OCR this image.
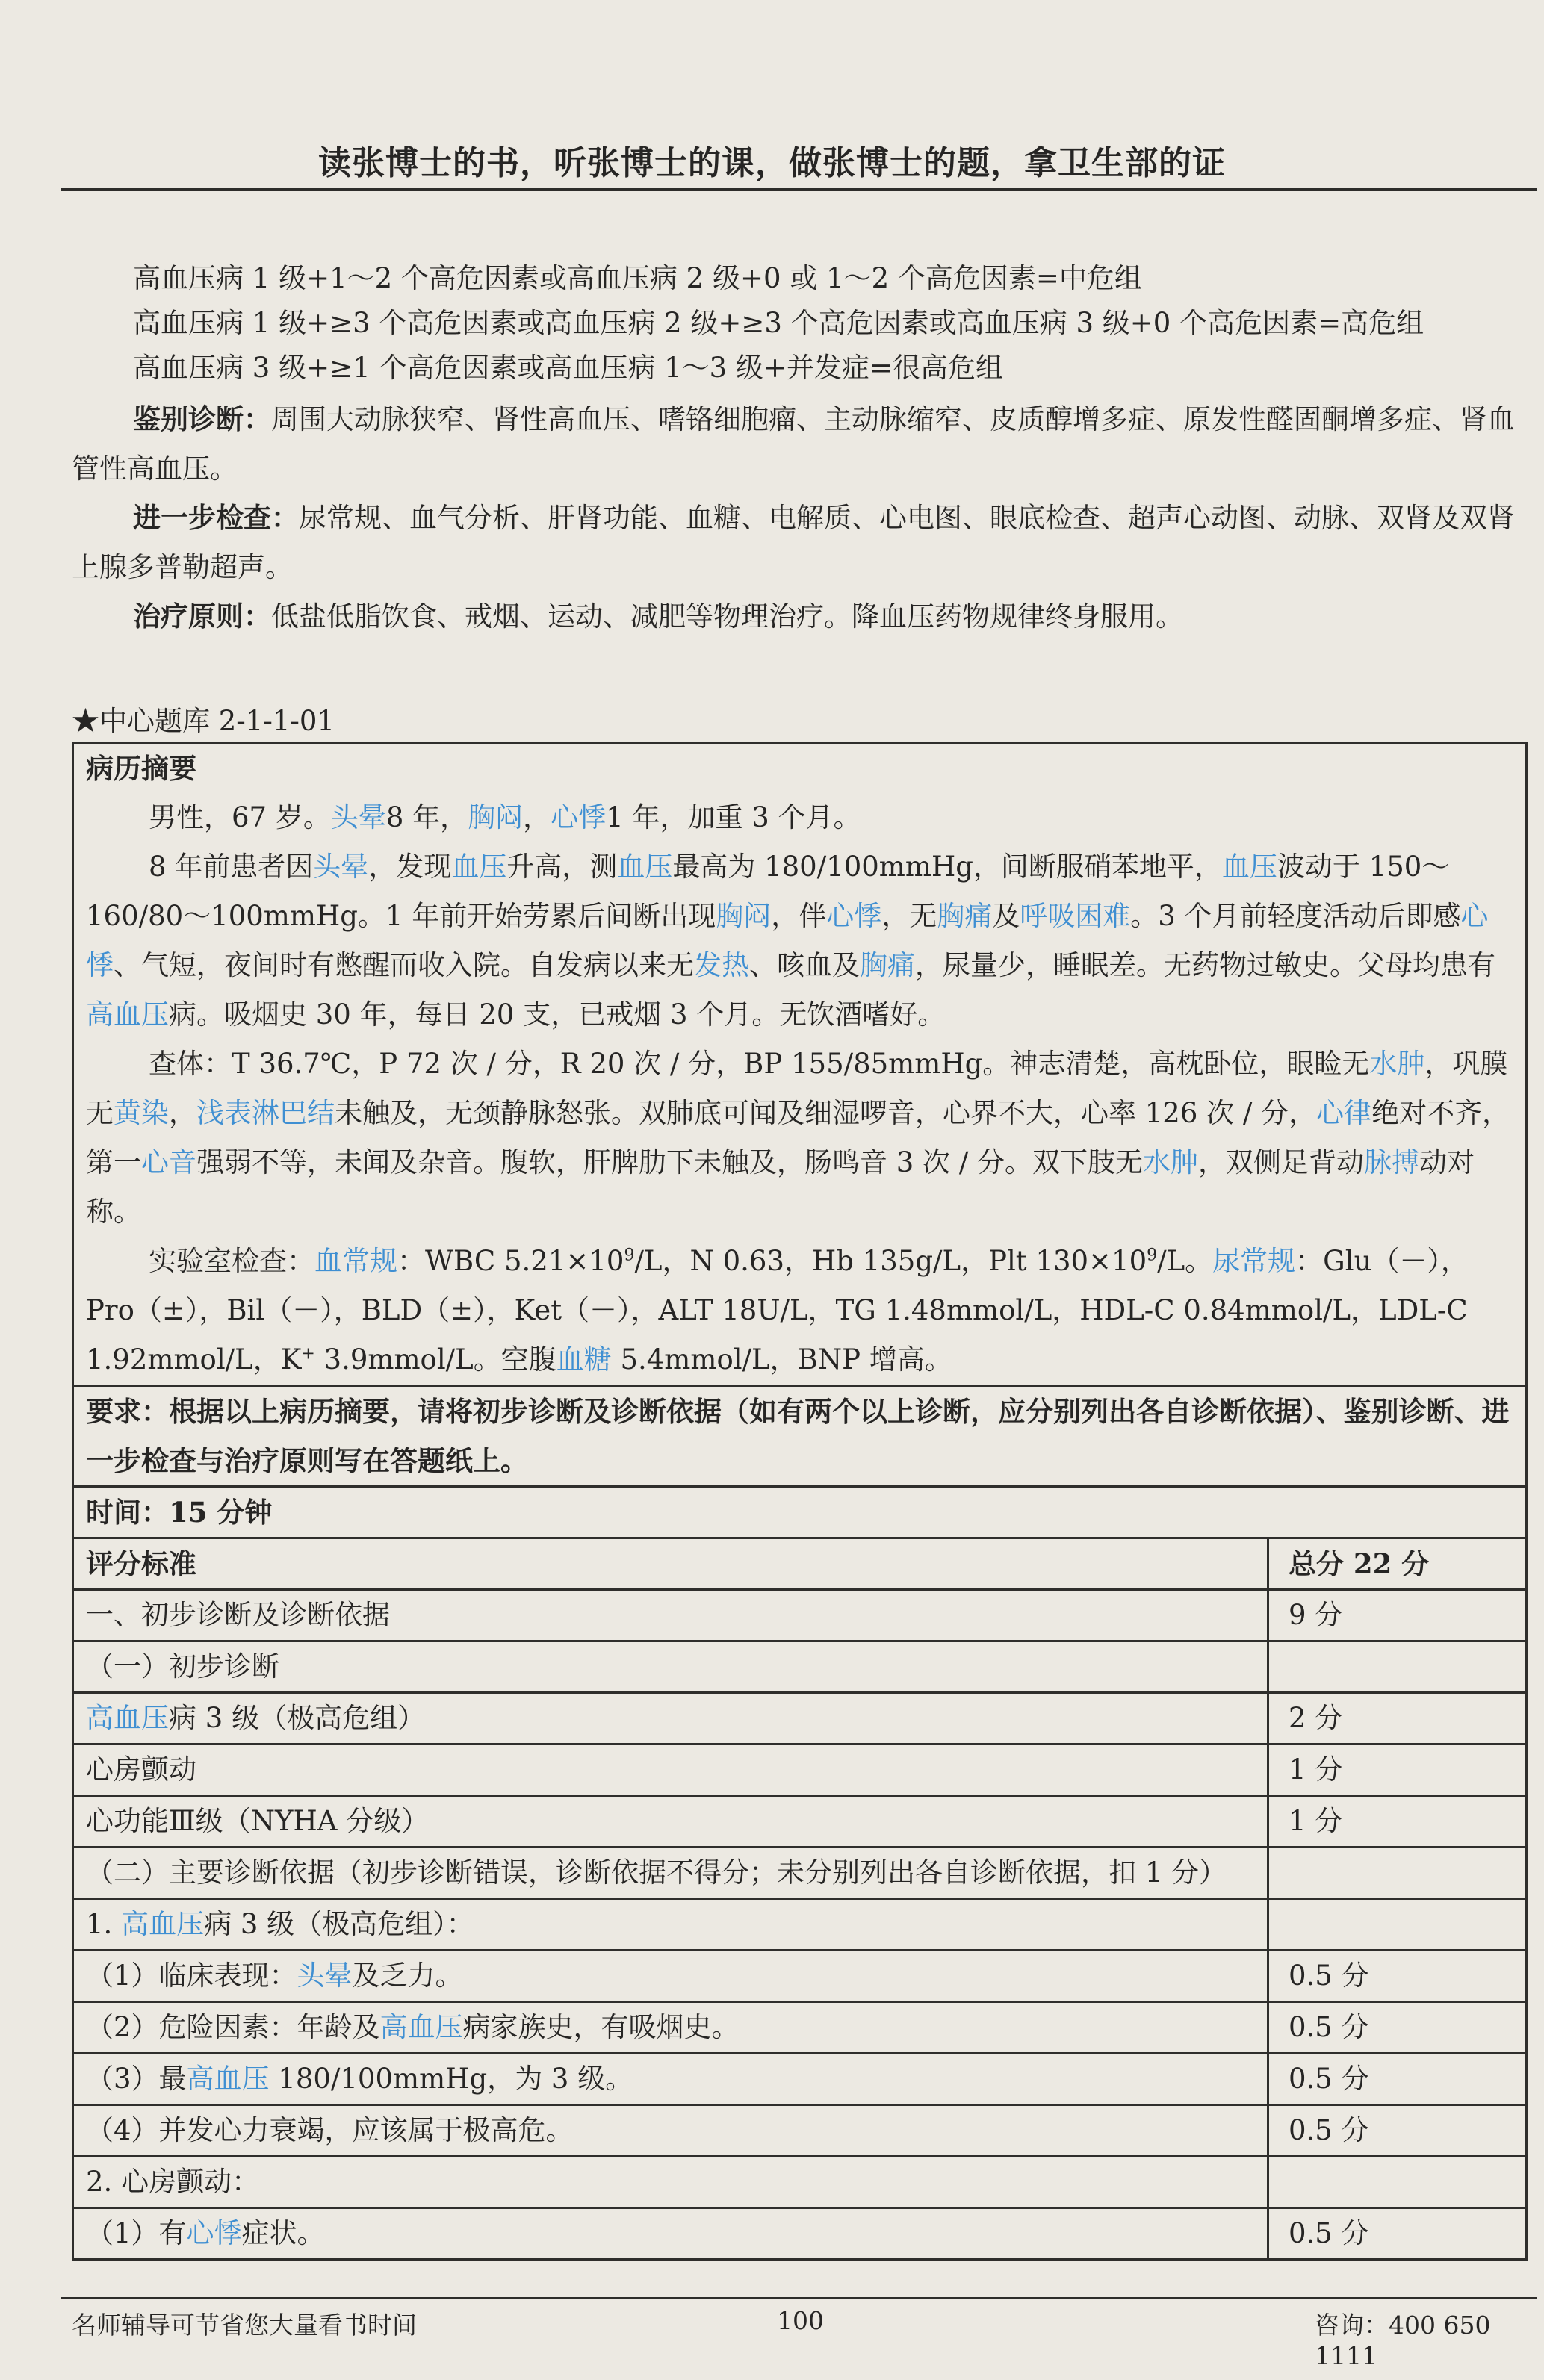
读张博士的书，听张博士的课，做张博士的题，拿卫生部的证
高血压病 1 级+1～2 个高危因素或高血压病 2 级+0 或 1～2 个高危因素=中危组
高血压病 1 级+≥3 个高危因素或高血压病 2 级+≥3 个高危因素或高血压病 3 级+0 个高危因素=高危组
高血压病 3 级+≥1 个高危因素或高血压病 1～3 级+并发症=很高危组
鉴别诊断：周围大动脉狭窄、肾性高血压、嗜铬细胞瘤、主动脉缩窄、皮质醇增多症、原发性醛固酮增多症、肾血管性高血压。
进一步检查：尿常规、血气分析、肝肾功能、血糖、电解质、心电图、眼底检查、超声心动图、动脉、双肾及双肾上腺多普勒超声。
治疗原则：低盐低脂饮食、戒烟、运动、减肥等物理治疗。降血压药物规律终身服用。
★中心题库 2-1-1-01

病历摘要

男性，67 岁。头晕8 年，胸闷，心悸1 年，加重 3 个月。

8 年前患者因头晕，发现血压升高，测血压最高为 180/100mmHg，间断服硝苯地平，血压波动于 150～160/80～100mmHg。1 年前开始劳累后间断出现胸闷，伴心悸，无胸痛及呼吸困难。3 个月前轻度活动后即感心悸、气短，夜间时有憋醒而收入院。自发病以来无发热、咳血及胸痛，尿量少，睡眠差。无药物过敏史。父母均患有高血压病。吸烟史 30 年，每日 20 支，已戒烟 3 个月。无饮酒嗜好。

查体：T 36.7℃，P 72 次 / 分，R 20 次 / 分，BP 155/85mmHg。神志清楚，高枕卧位，眼睑无水肿，巩膜无黄染，浅表淋巴结未触及，无颈静脉怒张。双肺底可闻及细湿啰音，心界不大，心率 126 次 / 分，心律绝对不齐，第一心音强弱不等，未闻及杂音。腹软，肝脾肋下未触及，肠鸣音 3 次 / 分。双下肢无水肿，双侧足背动脉搏动对称。

实验室检查：血常规：WBC $5.21\times 10^9/L$，N 0.63，Hb 135g/L，Plt $130\times 10^9/L$。尿常规：Glu（－），Pro（±），Bil（－），BLD（±），Ket（－），ALT 18U/L，TG 1.48mmol/L，HDL-C 0.84mmol/L，LDL-C 1.92mmol/L，K+ 3.9mmol/L。空腹血糖 5.4mmol/L，BNP 增高。	

要求：根据以上病历摘要，请将初步诊断及诊断依据（如有两个以上诊断，应分别列出各自诊断依据）、鉴别诊断、进一步检查与治疗原则写在答题纸上。	
时间：15 分钟	
评分标准	总分 22 分
一、初步诊断及诊断依据	9 分
（一）初步诊断	
高血压病 3 级（极高危组）	2 分
心房颤动	1 分
心功能Ⅲ级（NYHA 分级）	1 分
（二）主要诊断依据（初步诊断错误，诊断依据不得分；未分别列出各自诊断依据，扣 1 分）	
1. 高血压病 3 级（极高危组）：	
（1）临床表现：头晕及乏力。	0.5 分
（2）危险因素：年龄及高血压病家族史，有吸烟史。	0.5 分
（3）最高血压 180/100mmHg，为 3 级。	0.5 分
（4）并发心力衰竭，应该属于极高危。	0.5 分
2. 心房颤动：	
（1）有心悸症状。	0.5 分
名师辅导可节省您大量看书时间	100	咨询：400 650 1111
